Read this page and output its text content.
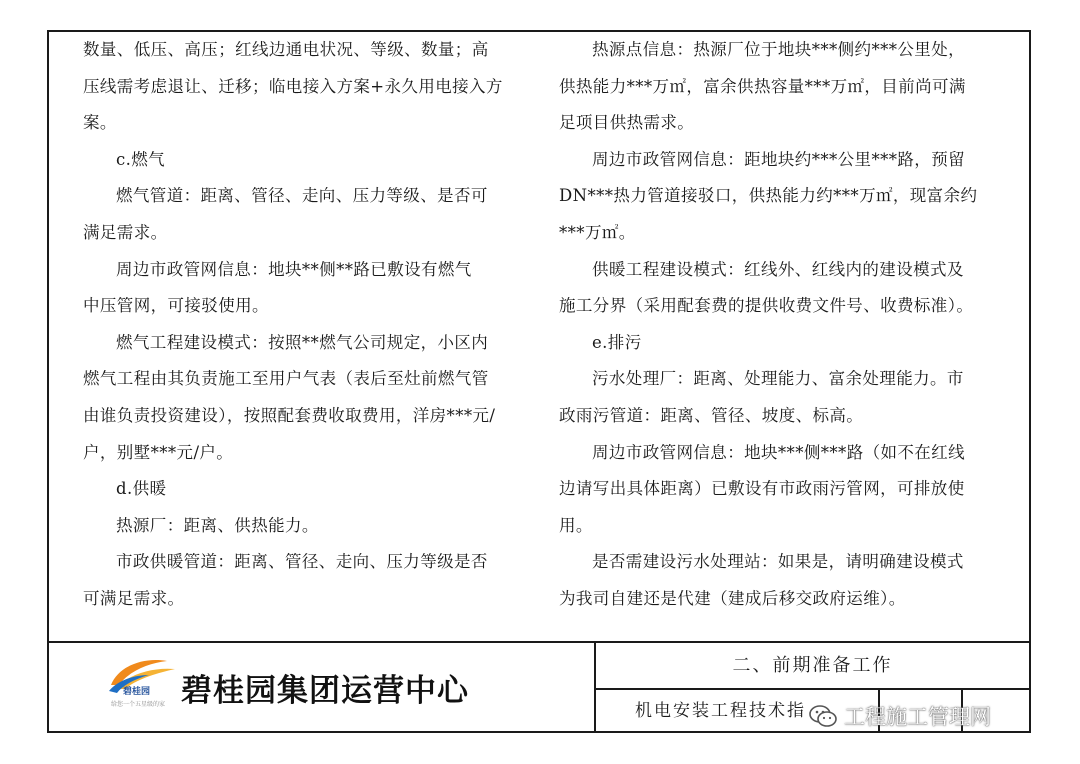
数量、低压、高压；红线边通电状况、等级、数量；高
压线需考虑退让、迁移；临电接入方案+永久用电接入方
案。
c.燃气
燃气管道：距离、管径、走向、压力等级、是否可
满足需求。
周边市政管网信息：地块**侧**路已敷设有燃气
中压管网，可接驳使用。
燃气工程建设模式：按照**燃气公司规定，小区内
燃气工程由其负责施工至用户气表（表后至灶前燃气管
由谁负责投资建设），按照配套费收取费用，洋房***元/
户，别墅***元/户。
d.供暖
热源厂：距离、供热能力。
市政供暖管道：距离、管径、走向、压力等级是否
可满足需求。
热源点信息：热源厂位于地块***侧约***公里处，
供热能力***万㎡，富余供热容量***万㎡，目前尚可满
足项目供热需求。
周边市政管网信息：距地块约***公里***路，预留
DN***热力管道接驳口，供热能力约***万㎡，现富余约
***万㎡。
供暖工程建设模式：红线外、红线内的建设模式及
施工分界（采用配套费的提供收费文件号、收费标准）。
e.排污
污水处理厂：距离、处理能力、富余处理能力。市
政雨污管道：距离、管径、坡度、标高。
周边市政管网信息：地块***侧***路（如不在红线
边请写出具体距离）已敷设有市政雨污管网，可排放使
用。
是否需建设污水处理站：如果是，请明确建设模式
为我司自建还是代建（建成后移交政府运维）。
碧桂园
给您一个五星级的家 碧桂园集团运营中心
二、前期准备工作
机电安装工程技术指 工程施工管理网
